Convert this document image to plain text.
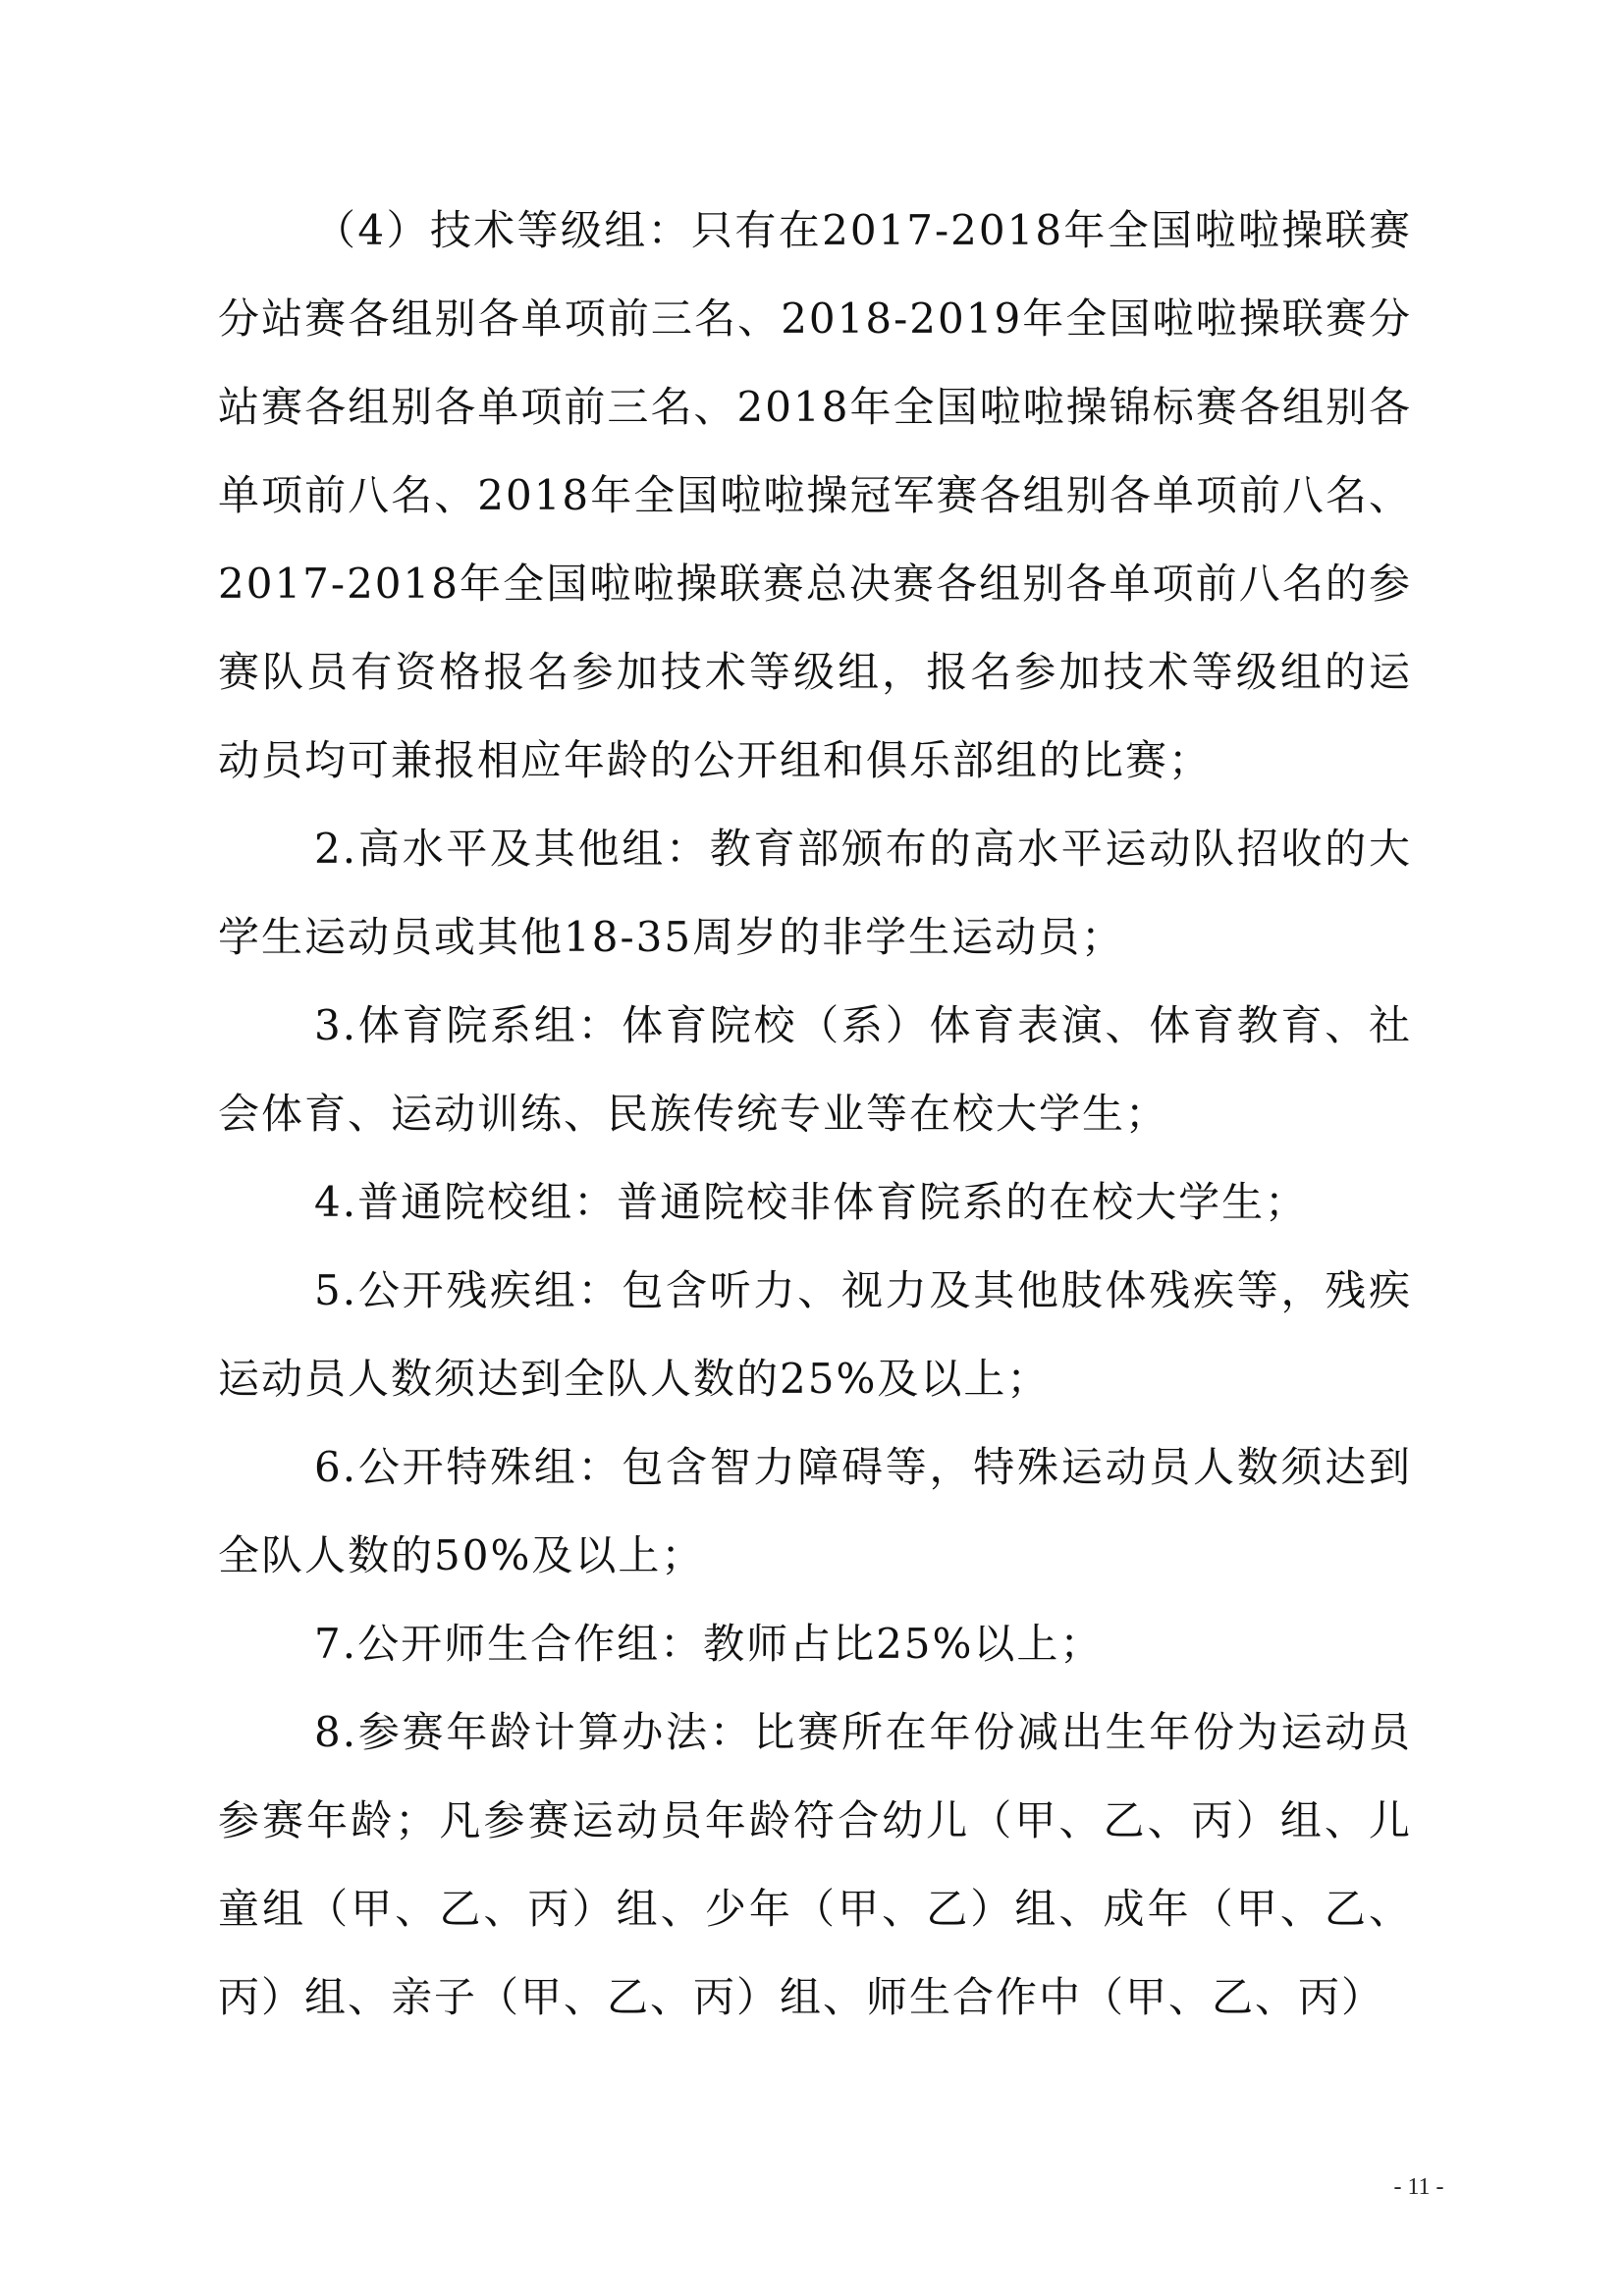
（4）技术等级组：只有在2017-2018年全国啦啦操联赛分站赛各组别各单项前三名、2018-2019年全国啦啦操联赛分站赛各组别各单项前三名、2018年全国啦啦操锦标赛各组别各单项前八名、2018年全国啦啦操冠军赛各组别各单项前八名、2017-2018年全国啦啦操联赛总决赛各组别各单项前八名的参赛队员有资格报名参加技术等级组，报名参加技术等级组的运动员均可兼报相应年龄的公开组和俱乐部组的比赛；

2.高水平及其他组：教育部颁布的高水平运动队招收的大学生运动员或其他18-35周岁的非学生运动员；

3.体育院系组：体育院校（系）体育表演、体育教育、社会体育、运动训练、民族传统专业等在校大学生；

4.普通院校组：普通院校非体育院系的在校大学生；

5.公开残疾组：包含听力、视力及其他肢体残疾等，残疾运动员人数须达到全队人数的25%及以上；

6.公开特殊组：包含智力障碍等，特殊运动员人数须达到全队人数的50%及以上；

7.公开师生合作组：教师占比25%以上；

8.参赛年龄计算办法：比赛所在年份减出生年份为运动员参赛年龄；凡参赛运动员年龄符合幼儿（甲、乙、丙）组、儿童组（甲、乙、丙）组、少年（甲、乙）组、成年（甲、乙、丙）组、亲子（甲、乙、丙）组、师生合作中（甲、乙、丙）

- 11 -
